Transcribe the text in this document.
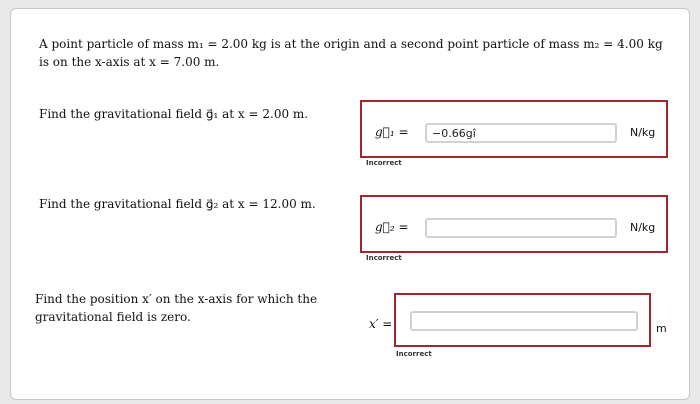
A point particle of mass m₁ = 2.00 kg is at the origin and a second point particle of mass m₂ = 4.00 kg is on the x-axis at x = 7.00 m.
Find the gravitational field g⃗₁ at x = 2.00 m.
g⃗₁ =	−0.66gî	N/kg
Incorrect
Find the gravitational field g⃗₂ at x = 12.00 m.
g⃗₂ =	N/kg
Incorrect
Find the position x′ on the x-axis for which the gravitational field is zero.	x′ =	m
Incorrect
